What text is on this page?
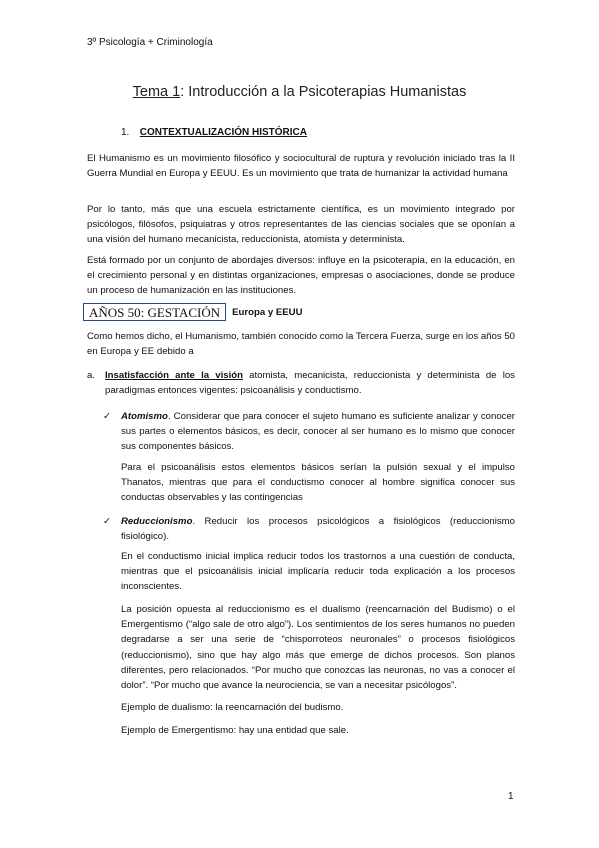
3º Psicología + Criminología
Tema 1: Introducción a la Psicoterapias Humanistas
1. CONTEXTUALIZACIÓN HISTÓRICA
El Humanismo es un movimiento filosófico y sociocultural de ruptura y revolución iniciado tras la II Guerra Mundial en Europa y EEUU. Es un movimiento que trata de humanizar la actividad humana
Por lo tanto, más que una escuela estrictamente científica, es un movimiento integrado por psicólogos, filósofos, psiquiatras y otros representantes de las ciencias sociales que se oponían a una visión del humano mecanicista, reduccionista, atomista y determinista.
Está formado por un conjunto de abordajes diversos: influye en la psicoterapia, en la educación, en el crecimiento personal y en distintas organizaciones, empresas o asociaciones, donde se produce un proceso de humanización en las instituciones.
AÑOS 50: GESTACIÓN Europa y EEUU
Como hemos dicho, el Humanismo, también conocido como la Tercera Fuerza, surge en los años 50 en Europa y EE debido a
a. Insatisfacción ante la visión atomista, mecanicista, reduccionista y determinista de los paradigmas entonces vigentes: psicoanálisis y conductismo.
✓ Atomismo. Considerar que para conocer el sujeto humano es suficiente analizar y conocer sus partes o elementos básicos, es decir, conocer al ser humano es lo mismo que conocer sus componentes básicos.
Para el psicoanálisis estos elementos básicos serían la pulsión sexual y el impulso Thanatos, mientras que para el conductismo conocer al hombre significa conocer sus conductas observables y las contingencias
✓ Reduccionismo. Reducir los procesos psicológicos a fisiológicos (reduccionismo fisiológico).
En el conductismo inicial implica reducir todos los trastornos a una cuestión de conducta, mientras que el psicoanálisis inicial implicaría reducir toda explicación a los procesos inconscientes.
La posición opuesta al reduccionismo es el dualismo (reencarnación del Budismo) o el Emergentismo (“algo sale de otro algo”). Los sentimientos de los seres humanos no pueden degradarse a ser una serie de “chisporroteos neuronales” o procesos fisiológicos (reduccionismo), sino que hay algo más que emerge de dichos procesos. Son planos diferentes, pero relacionados. “Por mucho que conozcas las neuronas, no vas a conocer el dolor”. “Por mucho que avance la neurociencia, se van a necesitar psicólogos”.
Ejemplo de dualismo: la reencarnación del budismo.
Ejemplo de Emergentismo: hay una entidad que sale.
1
